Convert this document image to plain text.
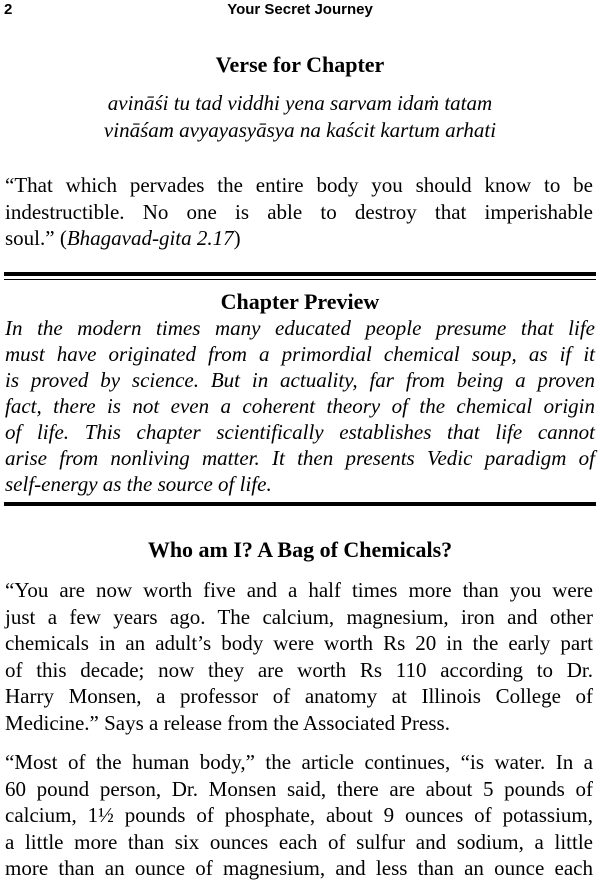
2	Your Secret Journey
Verse for Chapter
avināśi tu tad viddhi yena sarvam idaṁ tatam
vināśam avyayasyāsya na kaścit kartum arhati
“That which pervades the entire body you should know to be
indestructible. No one is able to destroy that imperishable
soul.” (Bhagavad-gita 2.17)
Chapter Preview
In the modern times many educated people presume that life
must have originated from a primordial chemical soup, as if it
is proved by science. But in actuality, far from being a proven
fact, there is not even a coherent theory of the chemical origin
of life. This chapter scientifically establishes that life cannot
arise from nonliving matter. It then presents Vedic paradigm of
self-energy as the source of life.
Who am I? A Bag of Chemicals?
“You are now worth five and a half times more than you were
just a few years ago. The calcium, magnesium, iron and other
chemicals in an adult’s body were worth Rs 20 in the early part
of this decade; now they are worth Rs 110 according to Dr.
Harry Monsen, a professor of anatomy at Illinois College of
Medicine.” Says a release from the Associated Press.
“Most of the human body,” the article continues, “is water. In a
60 pound person, Dr. Monsen said, there are about 5 pounds of
calcium, 1½ pounds of phosphate, about 9 ounces of potassium,
a little more than six ounces each of sulfur and sodium, a little
more than an ounce of magnesium, and less than an ounce each
